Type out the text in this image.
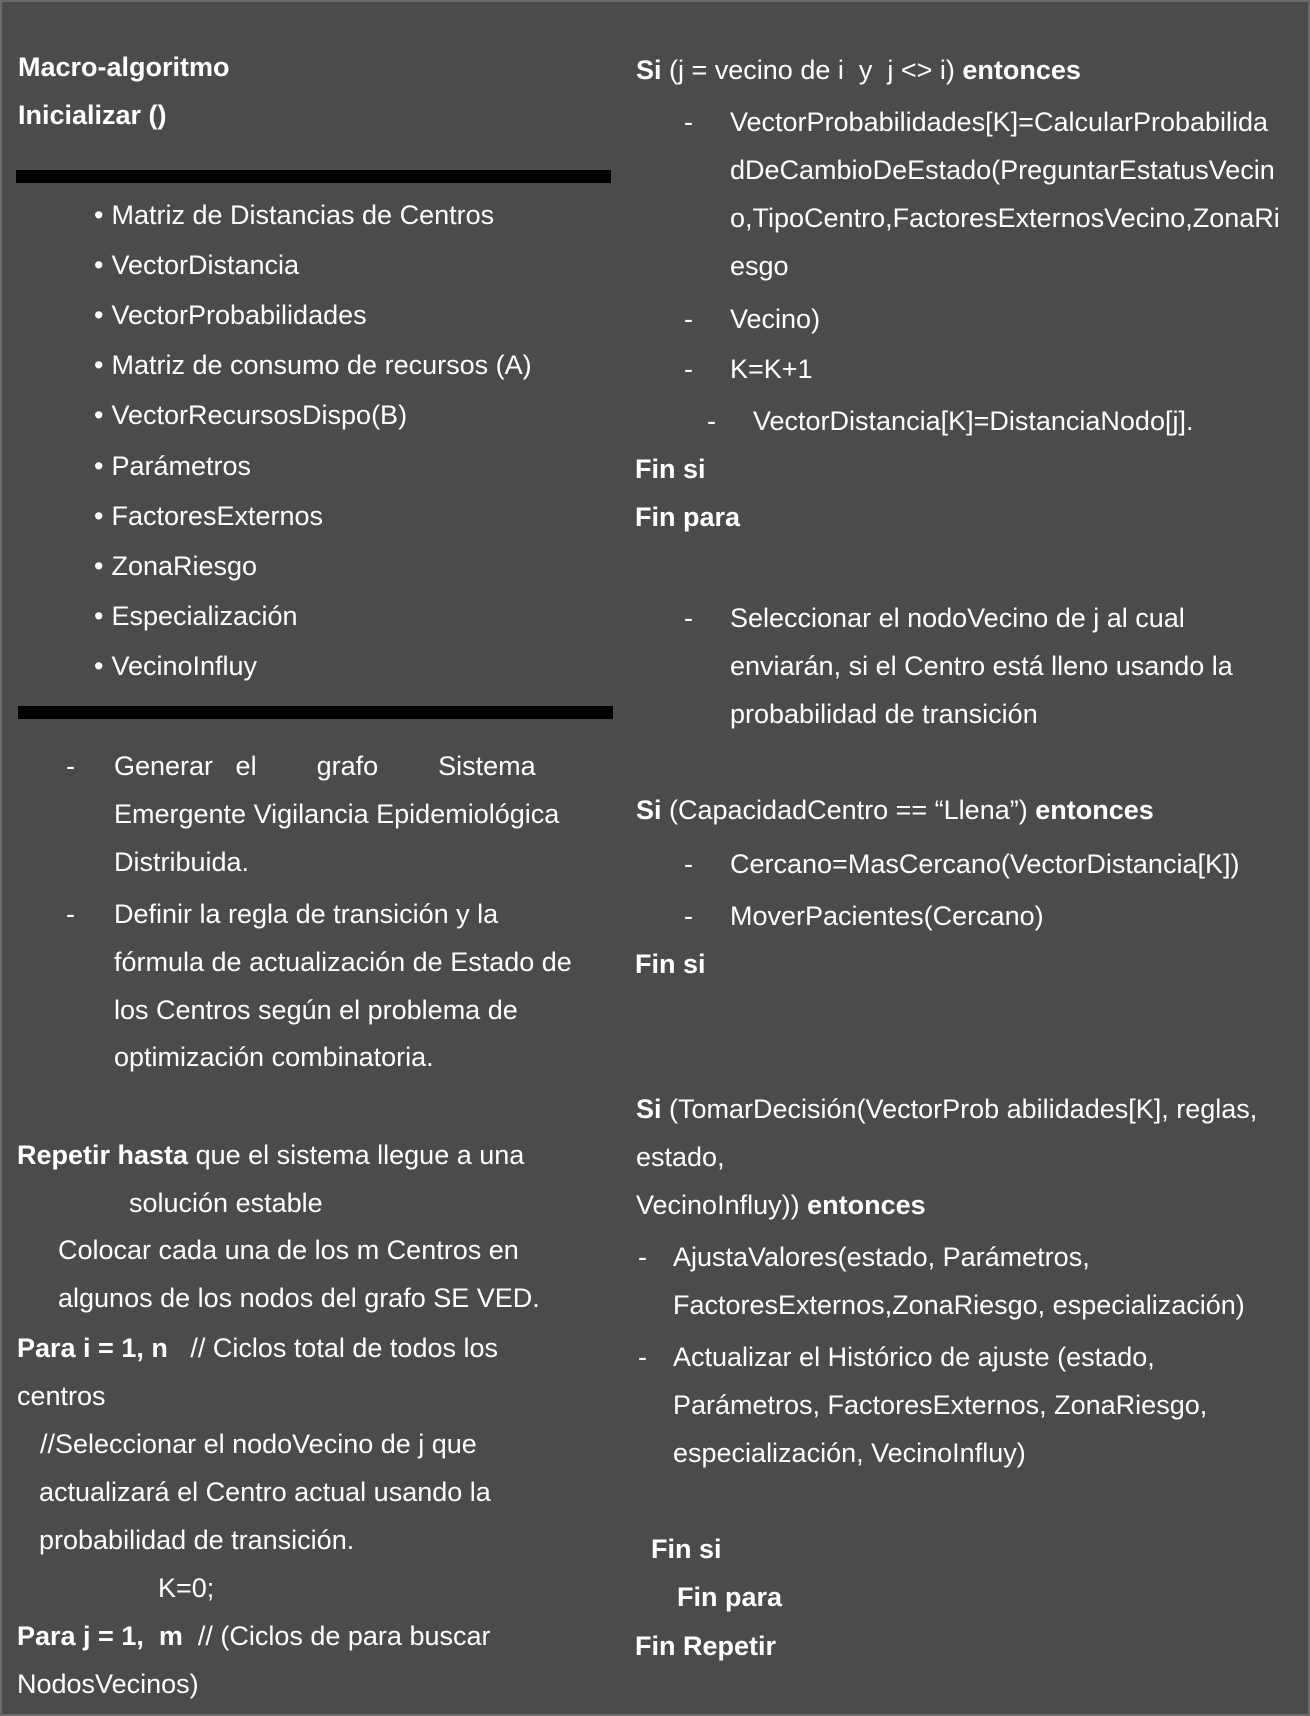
Macro-algoritmo
Inicializar ()
• Matriz de Distancias de Centros
• VectorDistancia
• VectorProbabilidades
• Matriz de consumo de recursos (A)
• VectorRecursosDispo(B)
• Parámetros
• FactoresExternos
• ZonaRiesgo
• Especialización
• VecinoInfluy
- Generar   el        grafo        Sistema
Emergente Vigilancia Epidemiológica
Distribuida.
- Definir la regla de transición y la
fórmula de actualización de Estado de
los Centros según el problema de
optimización combinatoria.
Repetir hasta que el sistema llegue a una
solución estable
Colocar cada una de los m Centros en
algunos de los nodos del grafo SE VED.
Para i = 1, n   // Ciclos total de todos los
centros
//Seleccionar el nodoVecino de j que
actualizará el Centro actual usando la
probabilidad de transición.
K=0;
Para j = 1,  m  // (Ciclos de para buscar
NodosVecinos)
Si (j = vecino de i  y  j <> i) entonces
- VectorProbabilidades[K]=CalcularProbabilida
dDeCambioDeEstado(PreguntarEstatusVecin
o,TipoCentro,FactoresExternosVecino,ZonaRi
esgo
- Vecino)
- K=K+1
- VectorDistancia[K]=DistanciaNodo[j].
Fin si
Fin para
- Seleccionar el nodoVecino de j al cual
enviarán, si el Centro está lleno usando la
probabilidad de transición
Si (CapacidadCentro == “Llena”) entonces
- Cercano=MasCercano(VectorDistancia[K])
- MoverPacientes(Cercano)
Fin si
Si (TomarDecisión(VectorProb abilidades[K], reglas,
estado,
VecinoInfluy)) entonces
- AjustaValores(estado, Parámetros,
FactoresExternos,ZonaRiesgo, especialización)
- Actualizar el Histórico de ajuste (estado,
Parámetros, FactoresExternos, ZonaRiesgo,
especialización, VecinoInfluy)
Fin si
Fin para
Fin Repetir
